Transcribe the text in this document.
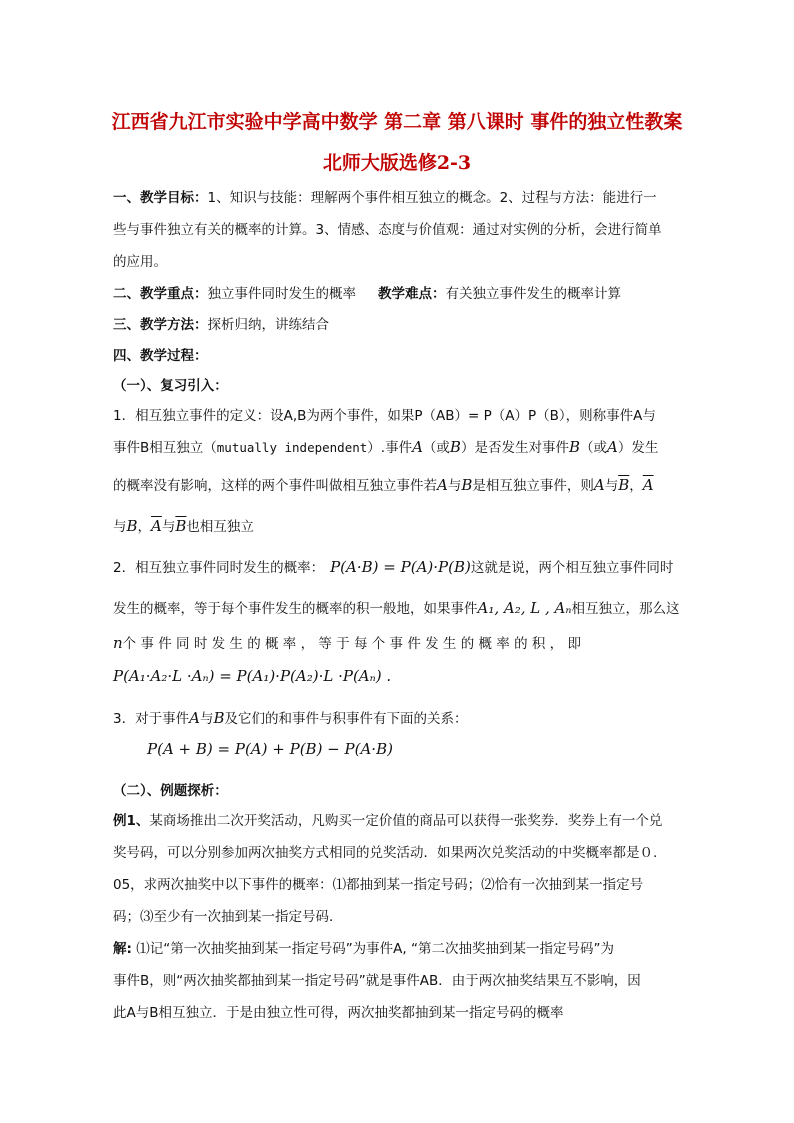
江西省九江市实验中学高中数学 第二章 第八课时 事件的独立性教案
北师大版选修2-3
一、教学目标：1、知识与技能：理解两个事件相互独立的概念。2、过程与方法：能进行一
些与事件独立有关的概率的计算。3、情感、态度与价值观：通过对实例的分析，会进行简单
的应用。
二、教学重点：独立事件同时发生的概率 教学难点：有关独立事件发生的概率计算
三、教学方法：探析归纳，讲练结合
四、教学过程：
（一）、复习引入：
1．相互独立事件的定义：设A,B为两个事件，如果P（AB）= P（A）P（B），则称事件A与
事件B相互独立（mutually independent）.事件A（或B）是否发生对事件B（或A）发生
的概率没有影响，这样的两个事件叫做相互独立事件若A与B是相互独立事件，则A与$\overline{B}$，$\overline{A}$
与B，$\overline{A}$与$\overline{B}$也相互独立
2．相互独立事件同时发生的概率： P(A·B) = P(A)·P(B)这就是说，两个相互独立事件同时
发生的概率，等于每个事件发生的概率的积一般地，如果事件A₁, A₂, L , Aₙ相互独立，那么这
n个 事 件 同 时 发 生 的 概 率 ， 等 于 每 个 事 件 发 生 的 概 率 的 积 ， 即
P(A₁·A₂·L ·Aₙ) = P(A₁)·P(A₂)·L ·P(Aₙ) .
3．对于事件A与B及它们的和事件与积事件有下面的关系：
P(A + B) = P(A) + P(B) − P(A·B)
（二）、例题探析：
例1、某商场推出二次开奖活动，凡购买一定价值的商品可以获得一张奖券．奖券上有一个兑
奖号码，可以分别参加两次抽奖方式相同的兑奖活动．如果两次兑奖活动的中奖概率都是０.
05，求两次抽奖中以下事件的概率：⑴都抽到某一指定号码；⑵恰有一次抽到某一指定号
码；⑶至少有一次抽到某一指定号码．
解: ⑴记“第一次抽奖抽到某一指定号码”为事件A, “第二次抽奖抽到某一指定号码”为
事件B，则“两次抽奖都抽到某一指定号码”就是事件AB．由于两次抽奖结果互不影响，因
此A与B相互独立．于是由独立性可得，两次抽奖都抽到某一指定号码的概率
